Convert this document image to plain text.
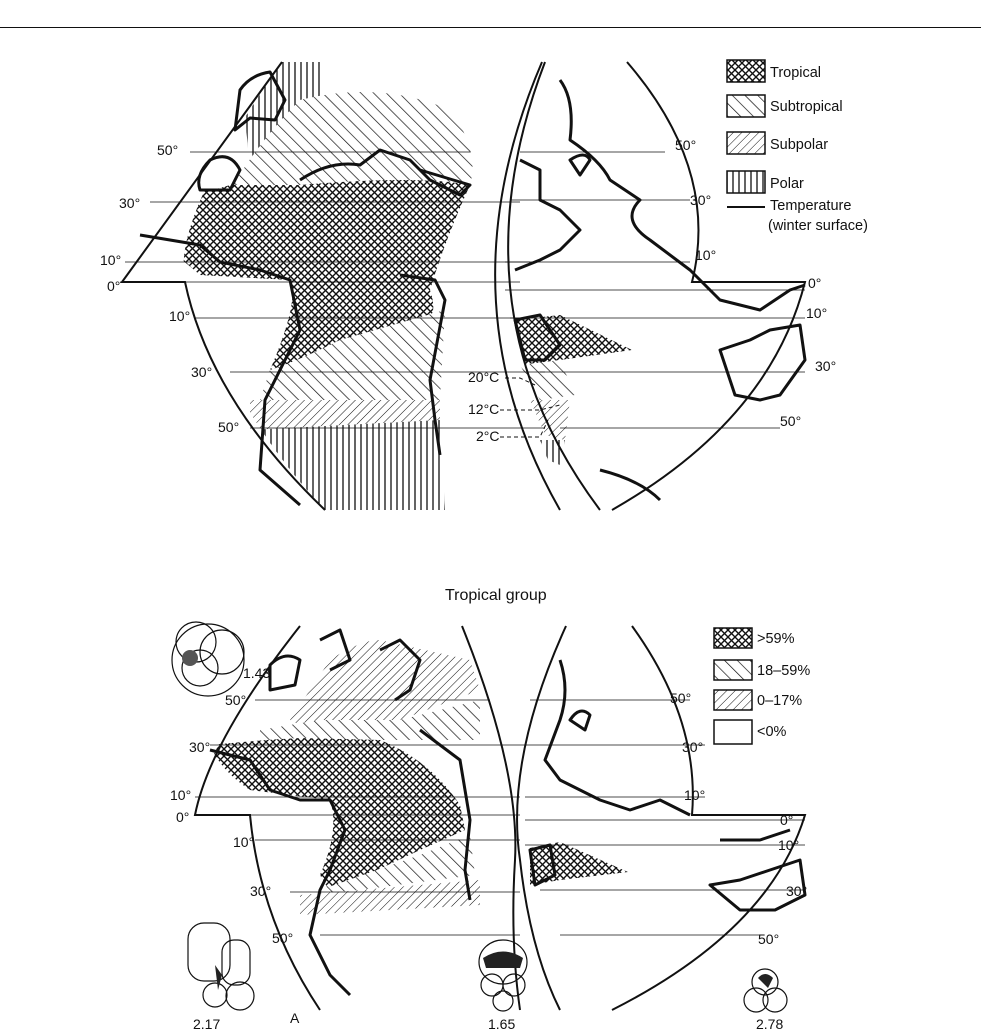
20°C
12°C
2°C
50°
30°
10°
0°
10°
30°
50°
50°
30°
10°
0°
10°
30°
50°
Tropical
Subtropical
Subpolar
Polar
Temperature
(winter surface)
Tropical group
50°
30°
10°
0°
10°
30°
50°
50°
30°
10°
0°
10°
30°
50°
>59%
18–59%
0–17%
<0%
1.43
2.17	A	1.65	2.78
